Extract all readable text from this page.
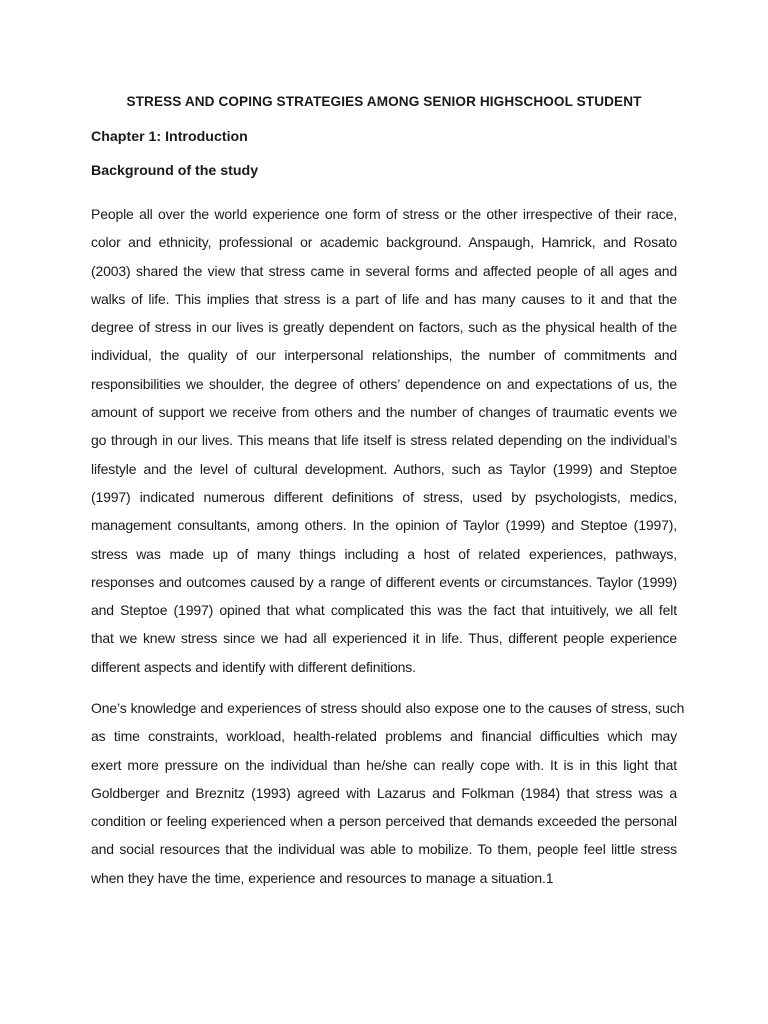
STRESS AND COPING STRATEGIES AMONG SENIOR HIGHSCHOOL STUDENT
Chapter 1: Introduction
Background of the study

People all over the world experience one form of stress or the other irrespective of their race,
color and ethnicity, professional or academic background. Anspaugh, Hamrick, and Rosato
(2003) shared the view that stress came in several forms and affected people of all ages and
walks of life. This implies that stress is a part of life and has many causes to it and that the
degree of stress in our lives is greatly dependent on factors, such as the physical health of the
individual, the quality of our interpersonal relationships, the number of commitments and
responsibilities we shoulder, the degree of others’ dependence on and expectations of us, the
amount of support we receive from others and the number of changes of traumatic events we
go through in our lives. This means that life itself is stress related depending on the individual’s
lifestyle and the level of cultural development. Authors, such as Taylor (1999) and Steptoe
(1997) indicated numerous different definitions of stress, used by psychologists, medics,
management consultants, among others. In the opinion of Taylor (1999) and Steptoe (1997),
stress was made up of many things including a host of related experiences, pathways,
responses and outcomes caused by a range of different events or circumstances. Taylor (1999)
and Steptoe (1997) opined that what complicated this was the fact that intuitively, we all felt
that we knew stress since we had all experienced it in life. Thus, different people experience
different aspects and identify with different definitions.

One’s knowledge and experiences of stress should also expose one to the causes of stress, such
as time constraints, workload, health-related problems and financial difficulties which may
exert more pressure on the individual than he/she can really cope with. It is in this light that
Goldberger and Breznitz (1993) agreed with Lazarus and Folkman (1984) that stress was a
condition or feeling experienced when a person perceived that demands exceeded the personal
and social resources that the individual was able to mobilize. To them, people feel little stress
when they have the time, experience and resources to manage a situation.1
